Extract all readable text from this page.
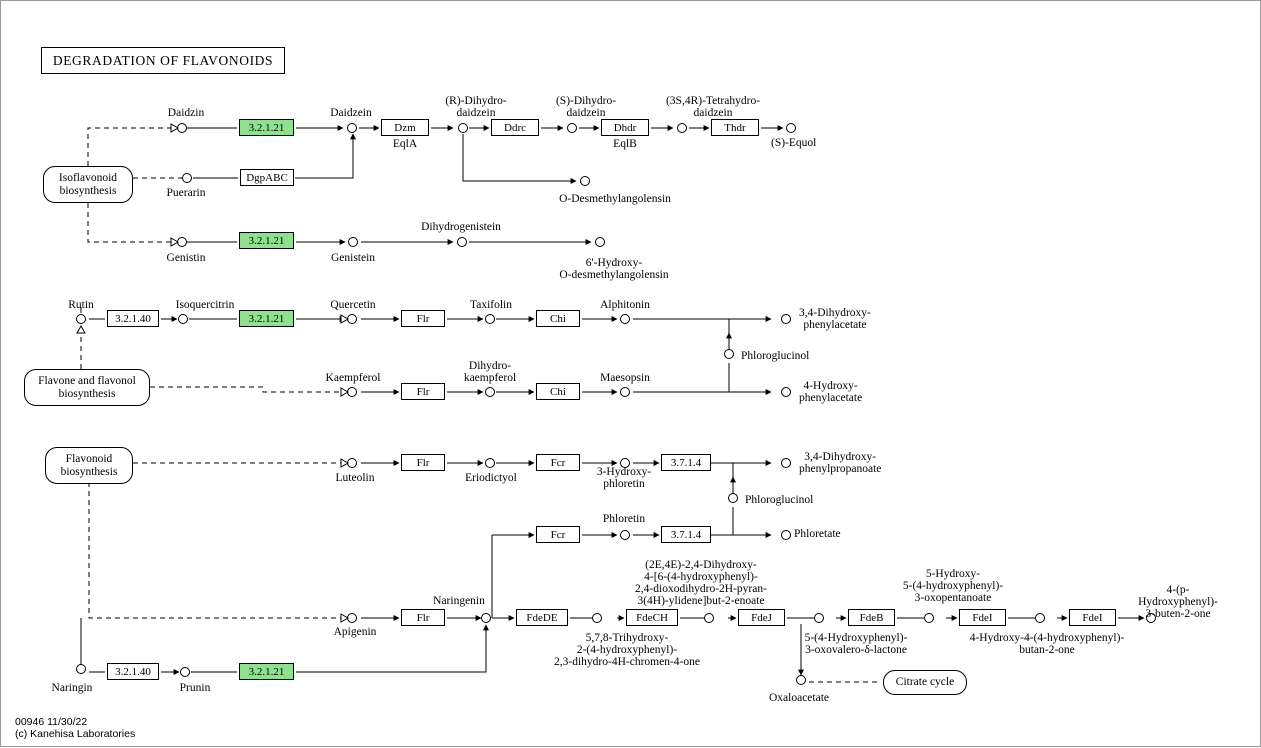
DEGRADATION OF FLAVONOIDS
00946 11/30/22
(c) Kanehisa Laboratories
3.2.1.21	Dzm	Ddrc	Dhdr	Thdr
DgpABC
3.2.1.21
3.2.1.40	3.2.1.21	Flr	Chi
Flr	Chi
Flr	Fcr	3.7.1.4
Fcr	3.7.1.4
Flr	FdeDE	FdeCH	FdeJ	FdeB	FdeI	FdeI
3.2.1.40	3.2.1.21
Isoflavonoid
biosynthesis
Flavone and flavonol
biosynthesis
Flavonoid
biosynthesis
Citrate cycle
Daidzin	Daidzein
(R)-Dihydro-
daidzein
(S)-Dihydro-
daidzein
(3S,4R)-Tetrahydro-
daidzein
(S)-Equol
EqlA	EqlB
Puerarin	O-Desmethylangolensin
Genistin	Genistein
Dihydrogenistein
6'-Hydroxy-
O-desmethylangolensin
Rutin	Isoquercitrin	Quercetin	Taxifolin	Alphitonin
3,4-Dihydroxy-
phenylacetate
Phloroglucinol
Kaempferol
Dihydro-
kaempferol	Maesopsin
4-Hydroxy-
phenylacetate
Luteolin	Eriodictyol	3-Hydroxy-
phloretin
3,4-Dihydroxy-
phenylpropanoate
Phloroglucinol
Phloretin
Phloretate
Apigenin
Naringenin
5,7,8-Trihydroxy-
2-(4-hydroxyphenyl)-
2,3-dihydro-4H-chromen-4-one
(2E,4E)-2,4-Dihydroxy-
4-[6-(4-hydroxyphenyl)-
2,4-dioxodihydro-2H-pyran-
3(4H)-ylidene]but-2-enoate
5-(4-Hydroxyphenyl)-
3-oxovalero-δ-lactone
5-Hydroxy-
5-(4-hydroxyphenyl)-
3-oxopentanoate
4-Hydroxy-4-(4-hydroxyphenyl)-
butan-2-one
4-(p-Hydroxyphenyl)-
3-buten-2-one
Oxaloacetate
Naringin	Prunin
